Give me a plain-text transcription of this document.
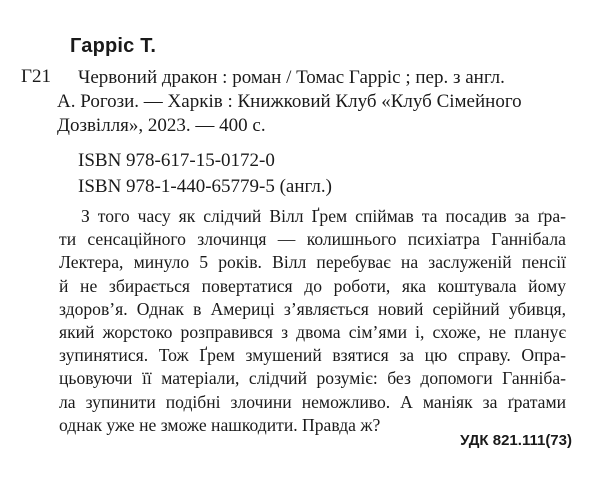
Гарріс Т.
Г21	Червоний дракон : роман / Томас Гарріс ; пер. з англ.
А. Рогози. — Харків : Книжковий Клуб «Клуб Сімейного
Дозвілля», 2023. — 400 с.
ISBN 978-617-15-0172-0
ISBN 978-1-440-65779-5 (англ.)
З того часу як слідчий Вілл Ґрем спіймав та посадив за ґра-
ти сенсаційного злочинця — колишнього психіатра Ганнібала
Лектера, минуло 5 років. Вілл перебуває на заслуженій пенсії
й не збирається повертатися до роботи, яка коштувала йому
здоров’я. Однак в Америці з’являється новий серійний убивця,
який жорстоко розправився з двома сім’ями і, схоже, не планує
зупинятися. Тож Ґрем змушений взятися за цю справу. Опра-
цьовуючи її матеріали, слідчий розуміє: без допомоги Ганнібa-
ла зупинити подібні злочини неможливо. А маніяк за ґратами
однак уже не зможе нашкодити. Правда ж?
УДК 821.111(73)
